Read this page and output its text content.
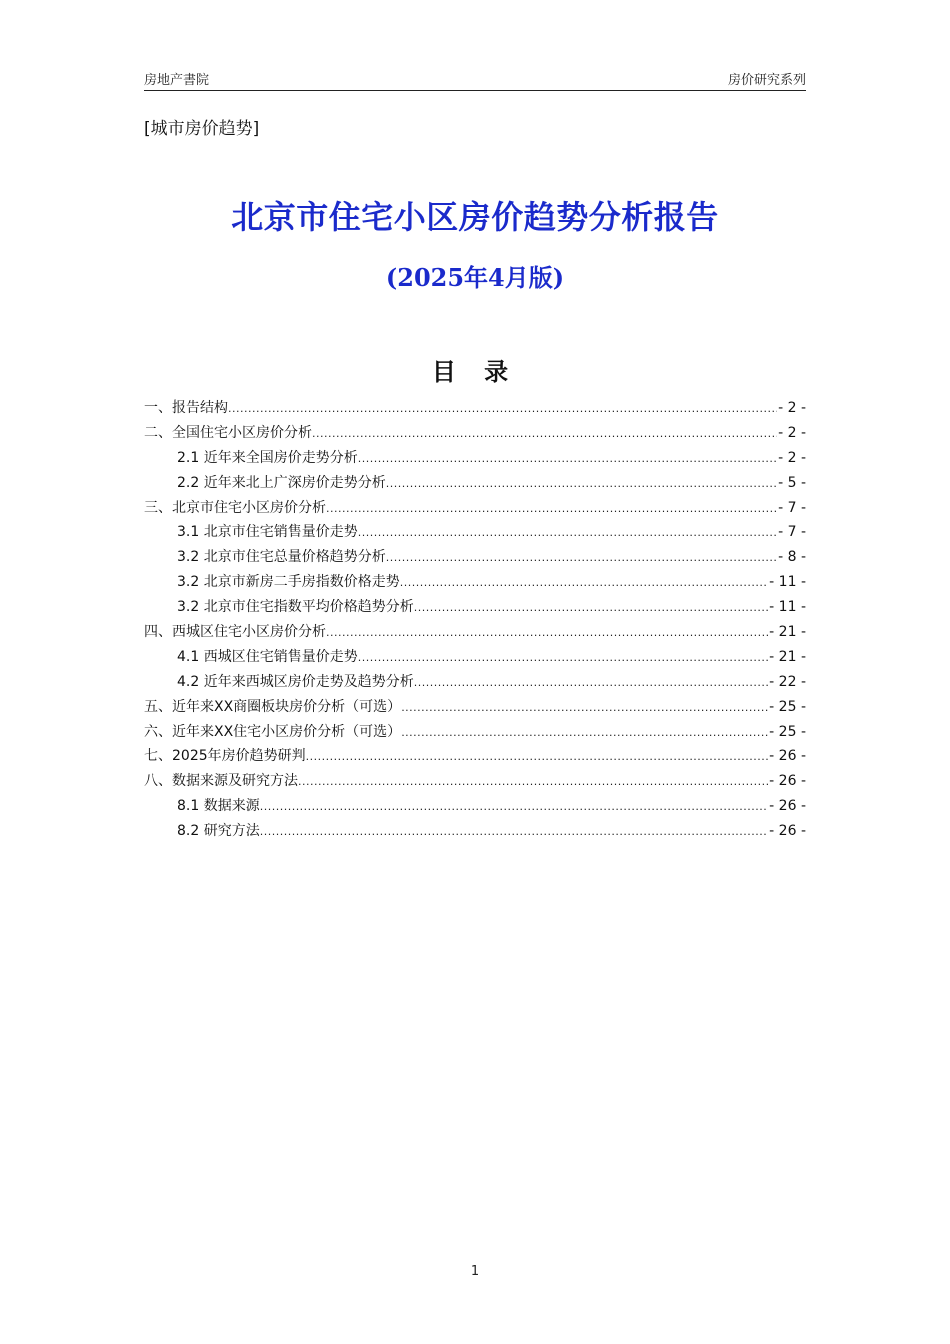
房地产書院	房价研究系列
[城市房价趋势]
北京市住宅小区房价趋势分析报告
(2025年4月版)
目 录
一、报告结构 .....	- 2 -
二、全国住宅小区房价分析 .....	- 2 -
2.1 近年来全国房价走势分析 .....	- 2 -
2.2 近年来北上广深房价走势分析 .....	- 5 -
三、北京市住宅小区房价分析 .....	- 7 -
3.1 北京市住宅销售量价走势 .....	- 7 -
3.2 北京市住宅总量价格趋势分析 .....	- 8 -
3.2 北京市新房二手房指数价格走势 .....	- 11 -
3.2 北京市住宅指数平均价格趋势分析 .....	- 11 -
四、西城区住宅小区房价分析 .....	- 21 -
4.1 西城区住宅销售量价走势 .....	- 21 -
4.2 近年来西城区房价走势及趋势分析 .....	- 22 -
五、近年来XX商圈板块房价分析（可选） .....	- 25 -
六、近年来XX住宅小区房价分析（可选） .....	- 25 -
七、2025年房价趋势研判 .....	- 26 -
八、数据来源及研究方法 .....	- 26 -
8.1 数据来源 .....	- 26 -
8.2 研究方法 .....	- 26 -
1
